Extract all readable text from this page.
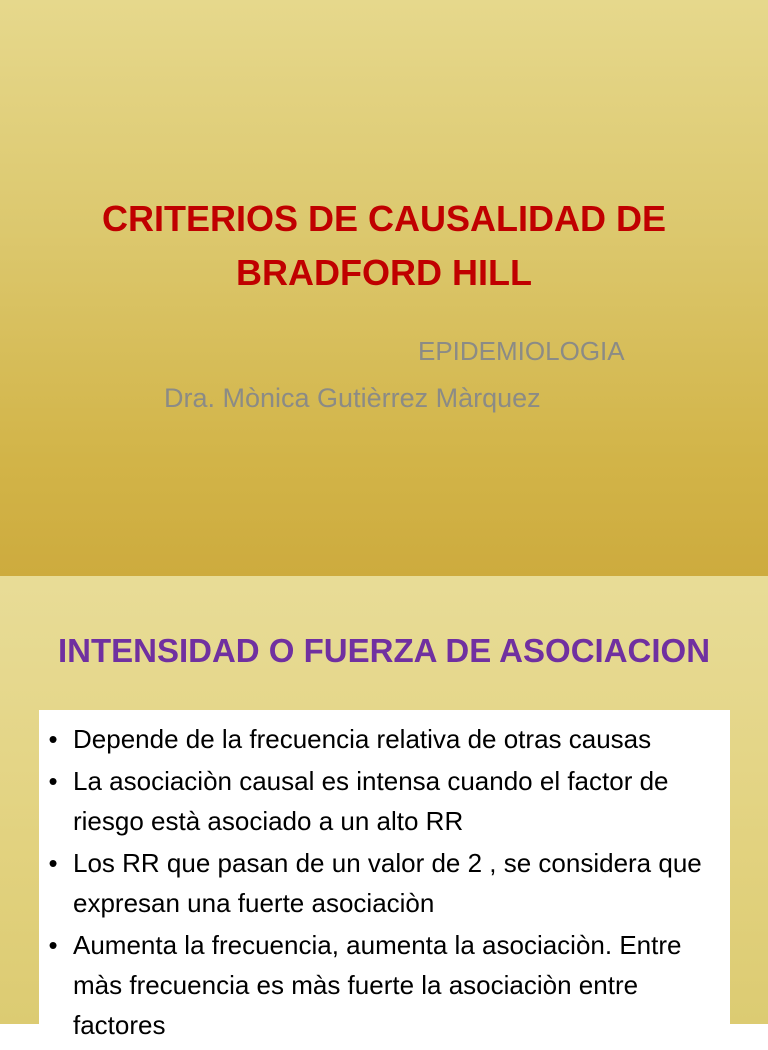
CRITERIOS DE CAUSALIDAD DE
BRADFORD HILL
EPIDEMIOLOGIA
Dra. Mònica Gutièrrez Màrquez
INTENSIDAD O FUERZA DE ASOCIACION
• Depende de la frecuencia relativa de otras causas
• La asociaciòn causal es intensa cuando el factor de riesgo està asociado a un alto RR
• Los RR que pasan de un valor de 2 , se considera que expresan una fuerte asociaciòn
• Aumenta la frecuencia, aumenta la asociaciòn. Entre màs frecuencia es màs fuerte la asociaciòn entre factores
